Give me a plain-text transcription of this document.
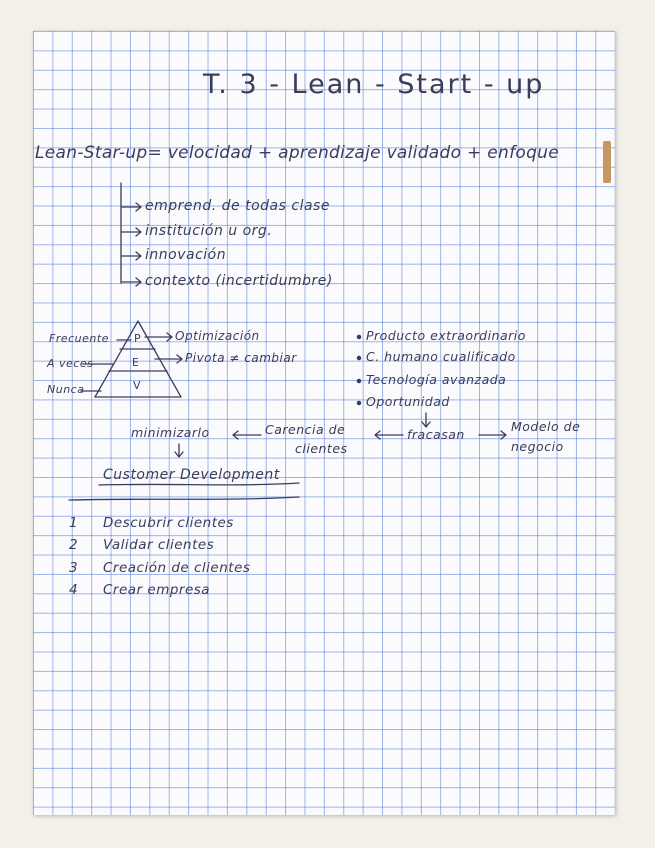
T. 3 - Lean - Start - up
Lean-Star-up= velocidad + aprendizaje validado + enfoque
emprend. de todas clase
institución u org.
innovación
contexto (incertidumbre)
Frecuente
A veces
Nunca
P
E
V
Optimización
Pivota ≠ cambiar
Producto extraordinario
C. humano cualificado
Tecnología avanzada
Oportunidad
fracasan
Modelo de
negocio
Carencia de
clientes
minimizarlo
Customer Development
1 Descubrir clientes
2 Validar clientes
3 Creación de clientes
4 Crear empresa
